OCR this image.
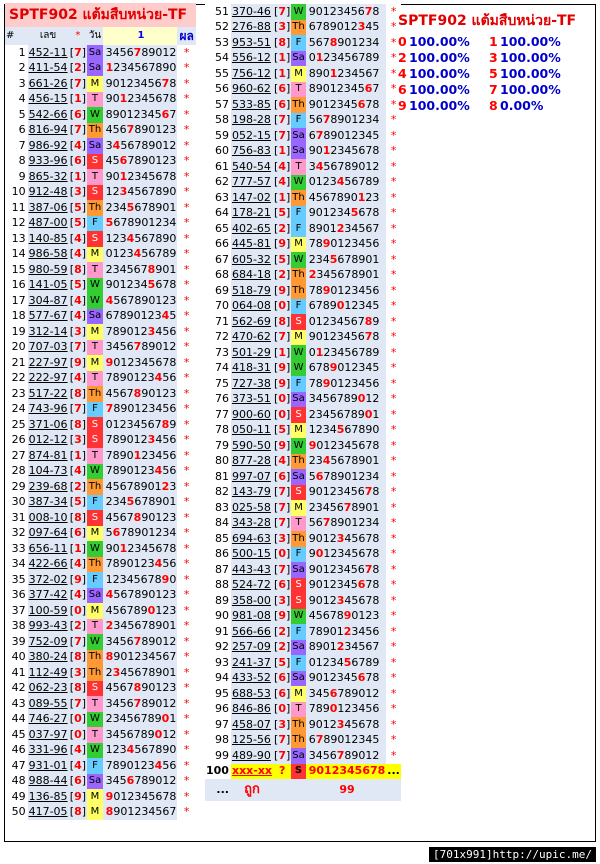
SPTF902 แต้มสืบหน่วย-TF					
#	เลข	*	วัน	1	ผล
1	452-11	[7]	Sa	3456789012	*
2	411-54	[2]	Sa	1234567890	*
3	661-26	[7]	M	9012345678	*
4	456-15	[1]	T	9012345678	*
5	542-66	[6]	W	8901234567	*
6	816-94	[7]	Th	4567890123	*
7	986-92	[4]	Sa	3456789012	*
8	933-96	[6]	S	4567890123	*
9	865-32	[1]	T	9012345678	*
10	912-48	[3]	S	1234567890	*
11	387-06	[5]	Th	2345678901	*
12	487-00	[5]	F	5678901234	*
13	140-85	[4]	S	1234567890	*
14	986-58	[4]	M	0123456789	*
15	980-59	[8]	T	2345678901	*
16	141-05	[5]	W	9012345678	*
17	304-87	[4]	W	4567890123	*
18	577-67	[4]	Sa	6789012345	*
19	312-14	[3]	M	7890123456	*
20	707-03	[7]	T	3456789012	*
21	227-97	[9]	M	9012345678	*
22	222-97	[4]	T	7890123456	*
23	517-22	[8]	Th	4567890123	*
24	743-96	[7]	F	7890123456	*
25	371-06	[8]	S	0123456789	*
26	012-12	[3]	S	7890123456	*
27	874-81	[1]	T	7890123456	*
28	104-73	[4]	W	7890123456	*
29	239-68	[2]	Th	4567890123	*
30	387-34	[5]	F	2345678901	*
31	008-10	[8]	S	4567890123	*
32	097-64	[6]	M	5678901234	*
33	656-11	[1]	W	9012345678	*
34	422-66	[4]	Th	7890123456	*
35	372-02	[9]	F	1234567890	*
36	377-42	[4]	Sa	4567890123	*
37	100-59	[0]	M	4567890123	*
38	993-43	[2]	T	2345678901	*
39	752-09	[7]	W	3456789012	*
40	380-24	[8]	Th	8901234567	*
41	112-49	[3]	Th	2345678901	*
42	062-23	[8]	S	4567890123	*
43	089-55	[7]	T	3456789012	*
44	746-27	[0]	W	2345678901	*
45	037-97	[0]	T	3456789012	*
46	331-96	[4]	W	1234567890	*
47	931-01	[4]	F	7890123456	*
48	988-44	[6]	Sa	3456789012	*
49	136-85	[9]	M	9012345678	*
50	417-05	[8]	M	8901234567	*
51	370-46	[7]	W	9012345678	*
52	276-88	[3]	Th	6789012345	*
53	953-51	[8]	F	5678901234	*
54	556-12	[1]	Sa	0123456789	*
55	756-12	[1]	M	8901234567	*
56	960-62	[6]	T	8901234567	*
57	533-85	[6]	Th	9012345678	*
58	198-28	[7]	F	5678901234	*
59	052-15	[7]	Sa	6789012345	*
60	756-83	[1]	Sa	9012345678	*
61	540-54	[4]	T	3456789012	*
62	777-57	[4]	W	0123456789	*
63	147-02	[1]	Th	4567890123	*
64	178-21	[5]	F	9012345678	*
65	402-65	[2]	F	8901234567	*
66	445-81	[9]	M	7890123456	*
67	605-32	[5]	W	2345678901	*
68	684-18	[2]	Th	2345678901	*
69	518-79	[9]	Th	7890123456	*
70	064-08	[0]	F	6789012345	*
71	562-69	[8]	S	0123456789	*
72	470-62	[7]	M	9012345678	*
73	501-29	[1]	W	0123456789	*
74	418-31	[9]	W	6789012345	*
75	727-38	[9]	F	7890123456	*
76	373-51	[0]	Sa	3456789012	*
77	900-60	[0]	S	2345678901	*
78	050-11	[5]	M	1234567890	*
79	590-50	[9]	W	9012345678	*
80	877-28	[4]	Th	2345678901	*
81	997-07	[6]	Sa	5678901234	*
82	143-79	[7]	S	9012345678	*
83	025-58	[7]	M	2345678901	*
84	343-28	[7]	T	5678901234	*
85	694-63	[3]	Th	9012345678	*
86	500-15	[0]	F	9012345678	*
87	443-43	[7]	Sa	9012345678	*
88	524-72	[6]	S	9012345678	*
89	358-00	[3]	S	9012345678	*
90	981-08	[9]	W	4567890123	*
91	566-66	[2]	F	7890123456	*
92	257-09	[2]	Sa	8901234567	*
93	241-37	[5]	F	0123456789	*
94	433-52	[6]	Sa	9012345678	*
95	688-53	[6]	M	3456789012	*
96	846-86	[0]	T	7890123456	*
97	458-07	[3]	Th	9012345678	*
98	125-56	[7]	Th	6789012345	*
99	489-90	[7]	Sa	3456789012	*
100	xxx-xx	?	S	9012345678	...
...	ถูก			99	
SPTF902 แต้มสืบหน่วย-TF
0 100.00% 1 100.00%
2 100.00% 3 100.00%
4 100.00% 5 100.00%
6 100.00% 7 100.00%
9 100.00% 8 0.00%
[701x991]http://upic.me/
